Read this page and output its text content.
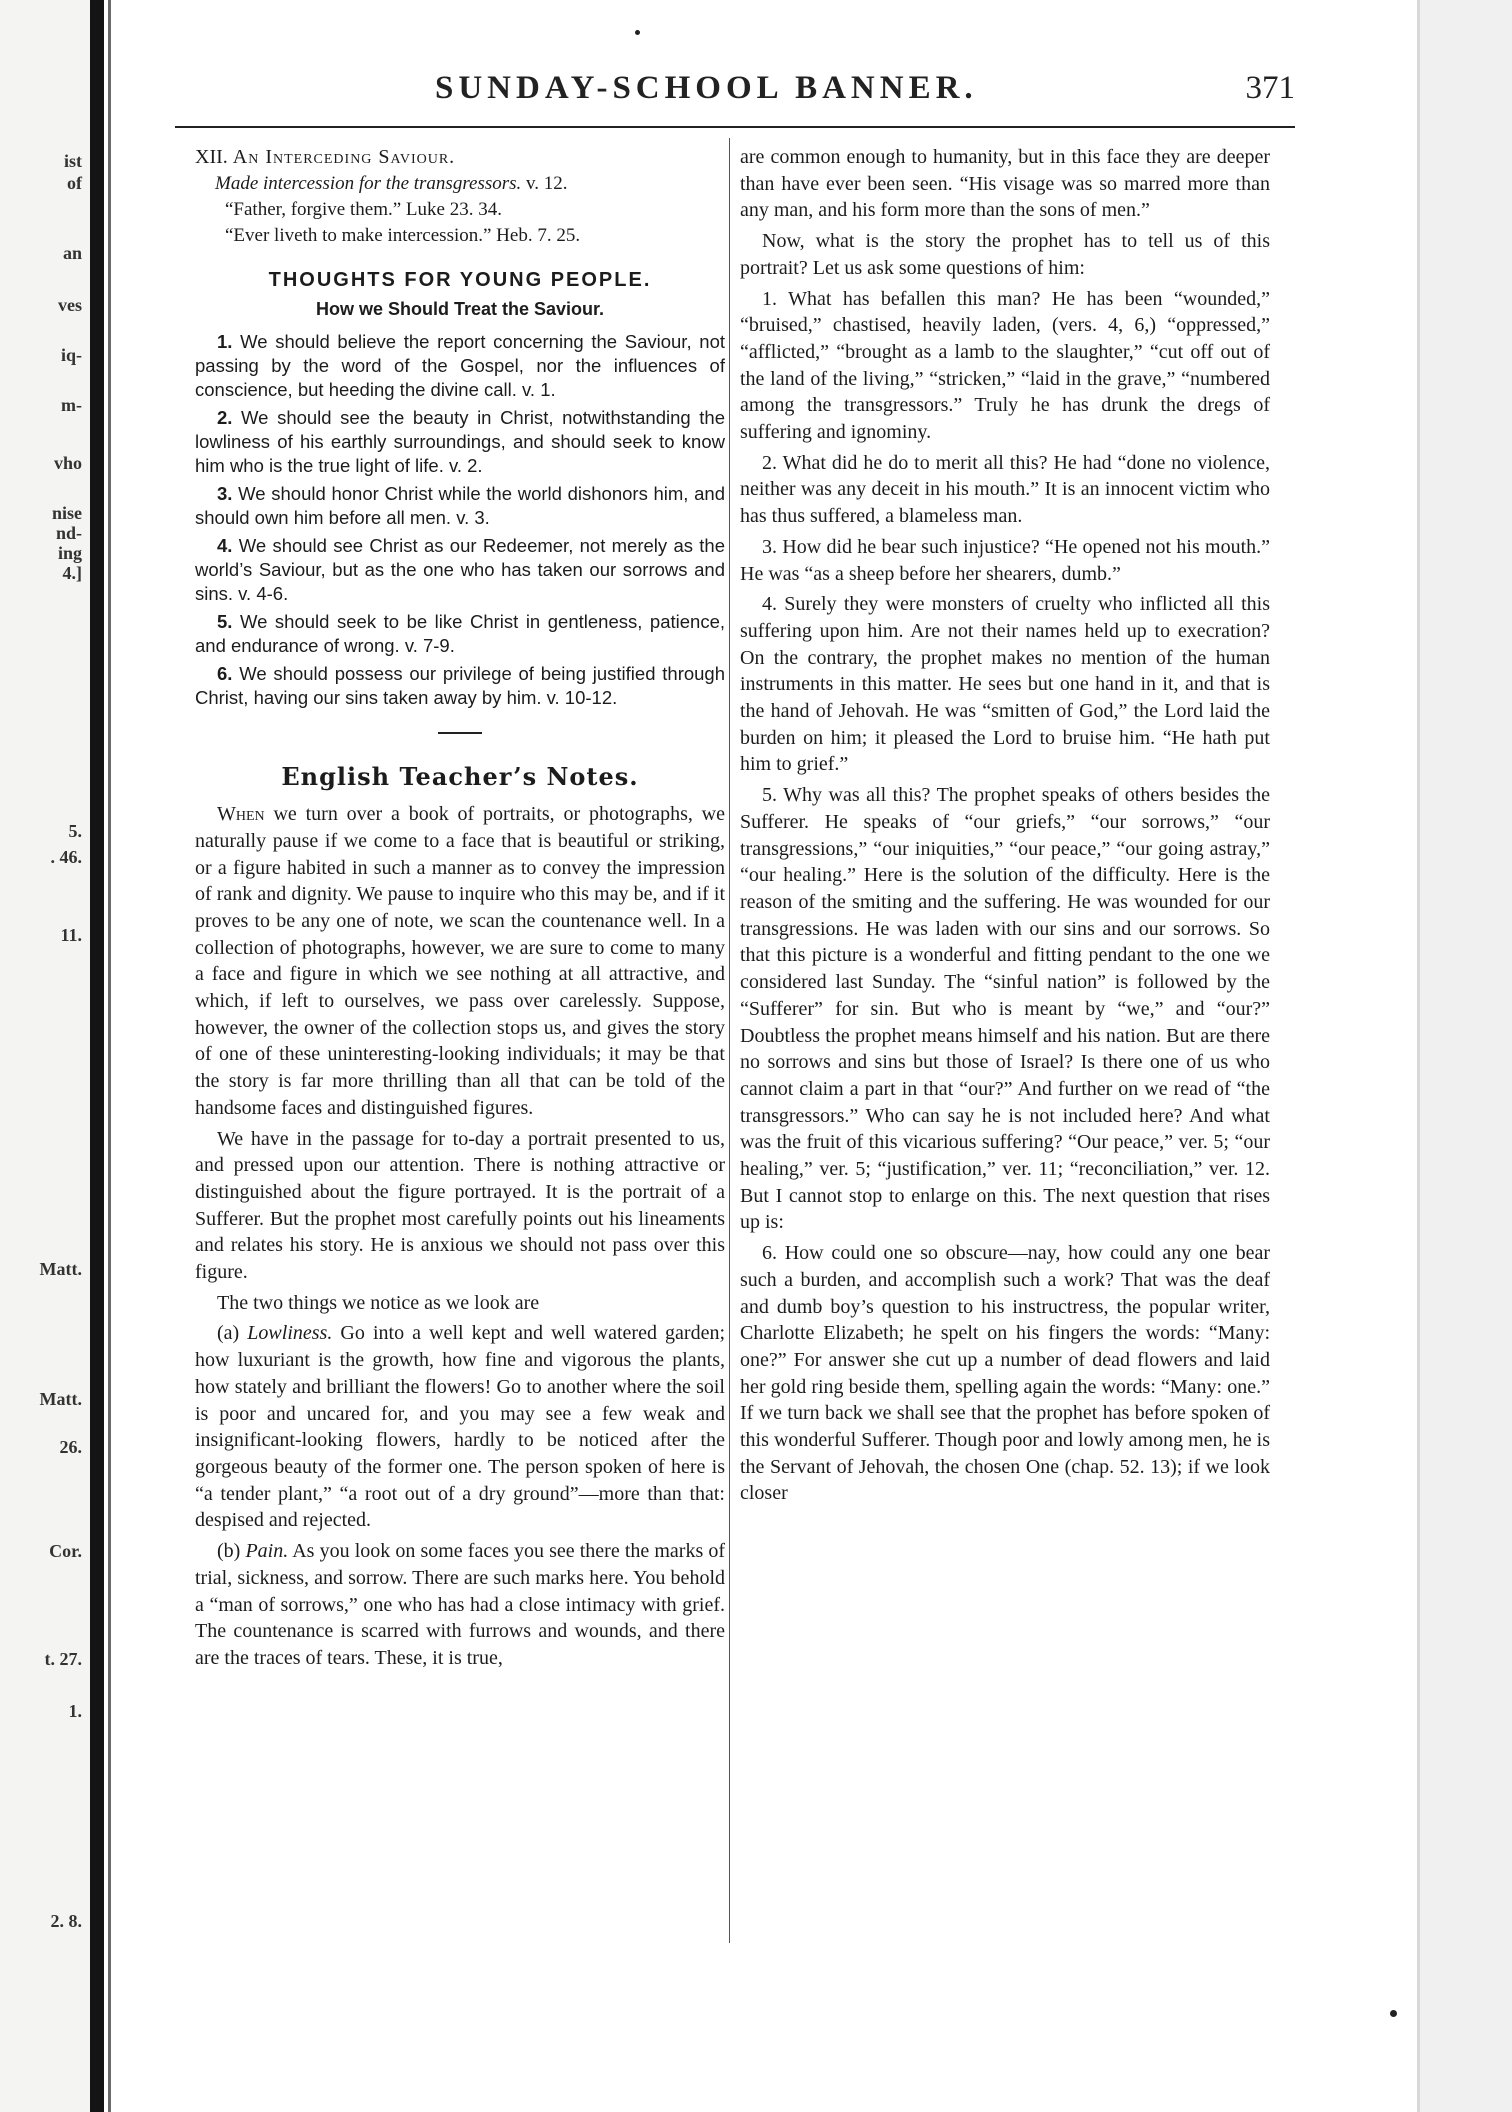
ist
of
an
ves
iq-
m-
vho
nise
nd-
ing
4.]
5.
. 46.
11.
Matt.
Matt.
26.
Cor.
t. 27.
1.
2. 8.
SUNDAY-SCHOOL BANNER.	371
XII. An Interceding Saviour.
Made intercession for the transgressors. v. 12.
“Father, forgive them.” Luke 23. 34.
“Ever liveth to make intercession.” Heb. 7. 25.
THOUGHTS FOR YOUNG PEOPLE.
How we Should Treat the Saviour.

1. We should believe the report concerning the Saviour, not passing by the word of the Gospel, nor the influences of conscience, but heeding the divine call. v. 1.

2. We should see the beauty in Christ, notwithstanding the lowliness of his earthly surroundings, and should seek to know him who is the true light of life. v. 2.

3. We should honor Christ while the world dishonors him, and should own him before all men. v. 3.

4. We should see Christ as our Redeemer, not merely as the world’s Saviour, but as the one who has taken our sorrows and sins. v. 4-6.

5. We should seek to be like Christ in gentleness, patience, and endurance of wrong. v. 7-9.

6. We should possess our privilege of being justified through Christ, having our sins taken away by him. v. 10-12.

English Teacher’s Notes.

When we turn over a book of portraits, or photographs, we naturally pause if we come to a face that is beautiful or striking, or a figure habited in such a manner as to convey the impression of rank and dignity. We pause to inquire who this may be, and if it proves to be any one of note, we scan the countenance well. In a collection of photographs, however, we are sure to come to many a face and figure in which we see nothing at all attractive, and which, if left to ourselves, we pass over carelessly. Suppose, however, the owner of the collection stops us, and gives the story of one of these uninteresting-looking individuals; it may be that the story is far more thrilling than all that can be told of the handsome faces and distinguished figures.

We have in the passage for to-day a portrait presented to us, and pressed upon our attention. There is nothing attractive or distinguished about the figure portrayed. It is the portrait of a Sufferer. But the prophet most carefully points out his lineaments and relates his story. He is anxious we should not pass over this figure.

The two things we notice as we look are

(a) Lowliness. Go into a well kept and well watered garden; how luxuriant is the growth, how fine and vigorous the plants, how stately and brilliant the flowers! Go to another where the soil is poor and uncared for, and you may see a few weak and insignificant-looking flowers, hardly to be noticed after the gorgeous beauty of the former one. The person spoken of here is “a tender plant,” “a root out of a dry ground”—more than that: despised and rejected.

(b) Pain. As you look on some faces you see there the marks of trial, sickness, and sorrow. There are such marks here. You behold a “man of sorrows,” one who has had a close intimacy with grief. The countenance is scarred with furrows and wounds, and there are the traces of tears. These, it is true,

are common enough to humanity, but in this face they are deeper than have ever been seen. “His visage was so marred more than any man, and his form more than the sons of men.”

Now, what is the story the prophet has to tell us of this portrait? Let us ask some questions of him:

1. What has befallen this man? He has been “wounded,” “bruised,” chastised, heavily laden, (vers. 4, 6,) “oppressed,” “afflicted,” “brought as a lamb to the slaughter,” “cut off out of the land of the living,” “stricken,” “laid in the grave,” “numbered among the transgressors.” Truly he has drunk the dregs of suffering and ignominy.

2. What did he do to merit all this? He had “done no violence, neither was any deceit in his mouth.” It is an innocent victim who has thus suffered, a blameless man.

3. How did he bear such injustice? “He opened not his mouth.” He was “as a sheep before her shearers, dumb.”

4. Surely they were monsters of cruelty who inflicted all this suffering upon him. Are not their names held up to execration? On the contrary, the prophet makes no mention of the human instruments in this matter. He sees but one hand in it, and that is the hand of Jehovah. He was “smitten of God,” the Lord laid the burden on him; it pleased the Lord to bruise him. “He hath put him to grief.”

5. Why was all this? The prophet speaks of others besides the Sufferer. He speaks of “our griefs,” “our sorrows,” “our transgressions,” “our iniquities,” “our peace,” “our going astray,” “our healing.” Here is the solution of the difficulty. Here is the reason of the smiting and the suffering. He was wounded for our transgressions. He was laden with our sins and our sorrows. So that this picture is a wonderful and fitting pendant to the one we considered last Sunday. The “sinful nation” is followed by the “Sufferer” for sin. But who is meant by “we,” and “our?” Doubtless the prophet means himself and his nation. But are there no sorrows and sins but those of Israel? Is there one of us who cannot claim a part in that “our?” And further on we read of “the transgressors.” Who can say he is not included here? And what was the fruit of this vicarious suffering? “Our peace,” ver. 5; “our healing,” ver. 5; “justification,” ver. 11; “reconciliation,” ver. 12. But I cannot stop to enlarge on this. The next question that rises up is:

6. How could one so obscure—nay, how could any one bear such a burden, and accomplish such a work? That was the deaf and dumb boy’s question to his instructress, the popular writer, Charlotte Elizabeth; he spelt on his fingers the words: “Many: one?” For answer she cut up a number of dead flowers and laid her gold ring beside them, spelling again the words: “Many: one.” If we turn back we shall see that the prophet has before spoken of this wonderful Sufferer. Though poor and lowly among men, he is the Servant of Jehovah, the chosen One (chap. 52. 13); if we look closer
